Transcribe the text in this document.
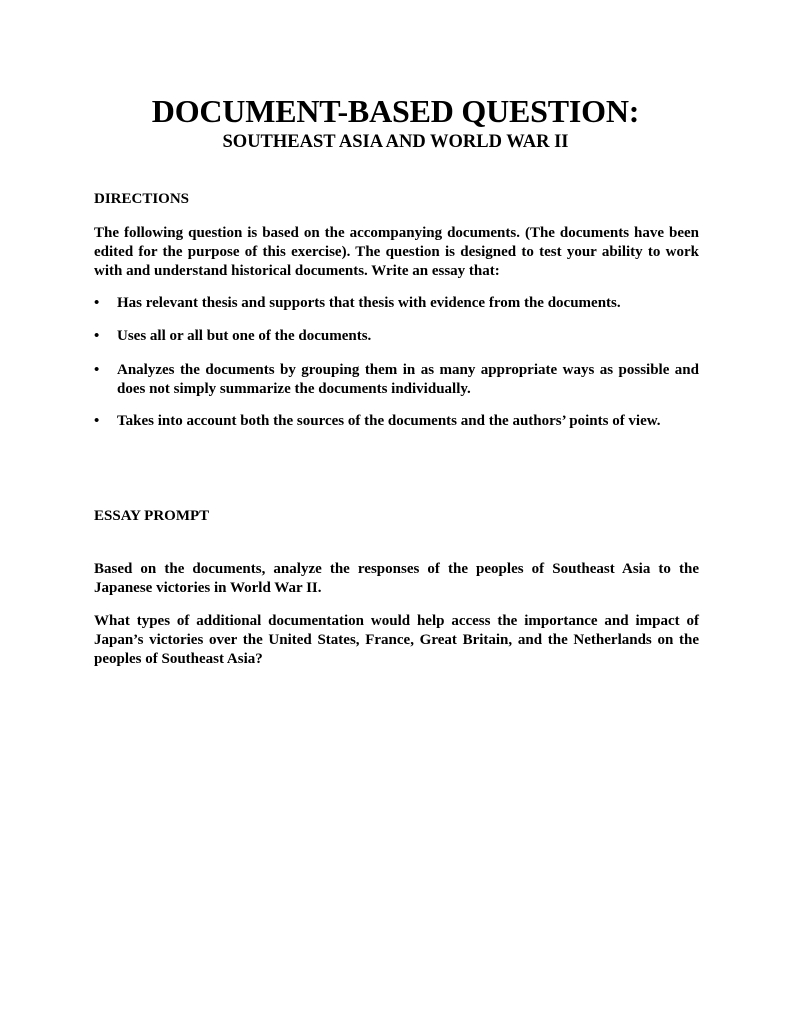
DOCUMENT-BASED QUESTION:
SOUTHEAST ASIA AND WORLD WAR II
DIRECTIONS
The following question is based on the accompanying documents. (The documents have been edited for the purpose of this exercise). The question is designed to test your ability to work with and understand historical documents. Write an essay that:
•	Has relevant thesis and supports that thesis with evidence from the documents.
•	Uses all or all but one of the documents.
•	Analyzes the documents by grouping them in as many appropriate ways as possible and does not simply summarize the documents individually.
•	Takes into account both the sources of the documents and the authors’ points of view.
ESSAY PROMPT
Based on the documents, analyze the responses of the peoples of Southeast Asia to the Japanese victories in World War II.
What types of additional documentation would help access the importance and impact of Japan’s victories over the United States, France, Great Britain, and the Netherlands on the peoples of Southeast Asia?
